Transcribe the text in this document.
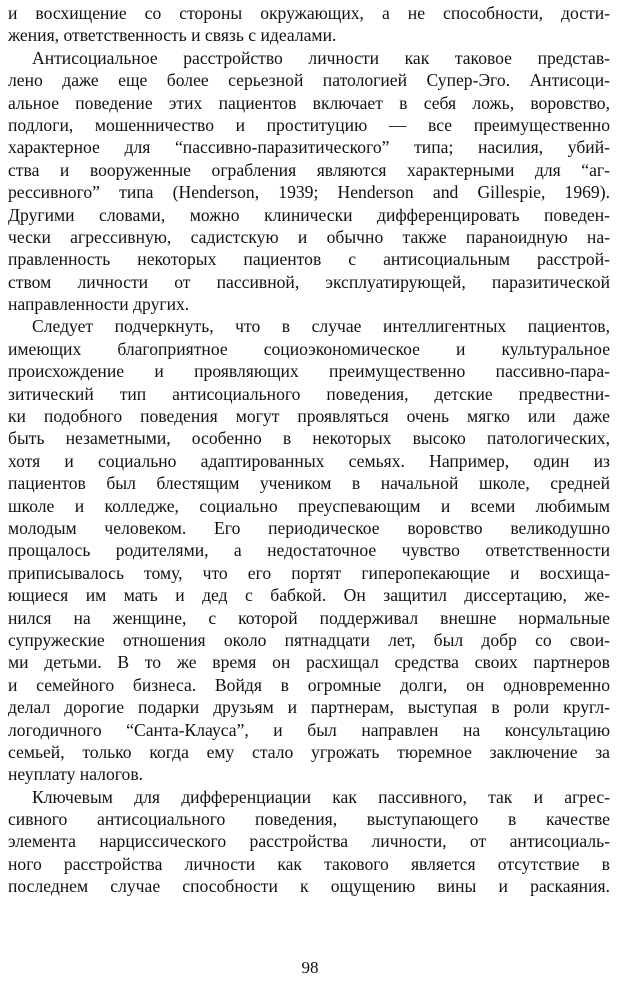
и восхищение со стороны окружающих, а не способности, дости-
жения, ответственность и связь с идеалами.
Антисоциальное расстройство личности как таковое представ-
лено даже еще более серьезной патологией Супер-Эго. Антисоци-
альное поведение этих пациентов включает в себя ложь, воровство,
подлоги, мошенничество и проституцию — все преимущественно
характерное для “пассивно-паразитического” типа; насилия, убий-
ства и вооруженные ограбления являются характерными для “аг-
рессивного” типа (Henderson, 1939; Henderson and Gillespie, 1969).
Другими словами, можно клинически дифференцировать поведен-
чески агрессивную, садистскую и обычно также параноидную на-
правленность некоторых пациентов с антисоциальным расстрой-
ством личности от пассивной, эксплуатирующей, паразитической
направленности других.
Следует подчеркнуть, что в случае интеллигентных пациентов,
имеющих благоприятное социоэкономическое и культуральное
происхождение и проявляющих преимущественно пассивно-пара-
зитический тип антисоциального поведения, детские предвестни-
ки подобного поведения могут проявляться очень мягко или даже
быть незаметными, особенно в некоторых высоко патологических,
хотя и социально адаптированных семьях. Например, один из
пациентов был блестящим учеником в начальной школе, средней
школе и колледже, социально преуспевающим и всеми любимым
молодым человеком. Его периодическое воровство великодушно
прощалось родителями, а недостаточное чувство ответственности
приписывалось тому, что его портят гиперопекающие и восхища-
ющиеся им мать и дед с бабкой. Он защитил диссертацию, же-
нился на женщине, с которой поддерживал внешне нормальные
супружеские отношения около пятнадцати лет, был добр со свои-
ми детьми. В то же время он расхищал средства своих партнеров
и семейного бизнеса. Войдя в огромные долги, он одновременно
делал дорогие подарки друзьям и партнерам, выступая в роли кругл-
логодичного “Санта-Клауса”, и был направлен на консультацию
семьей, только когда ему стало угрожать тюремное заключение за
неуплату налогов.
Ключевым для дифференциации как пассивного, так и агрес-
сивного антисоциального поведения, выступающего в качестве
элемента нарциссического расстройства личности, от антисоциаль-
ного расстройства личности как такового является отсутствие в
последнем случае способности к ощущению вины и раскаяния.
98
